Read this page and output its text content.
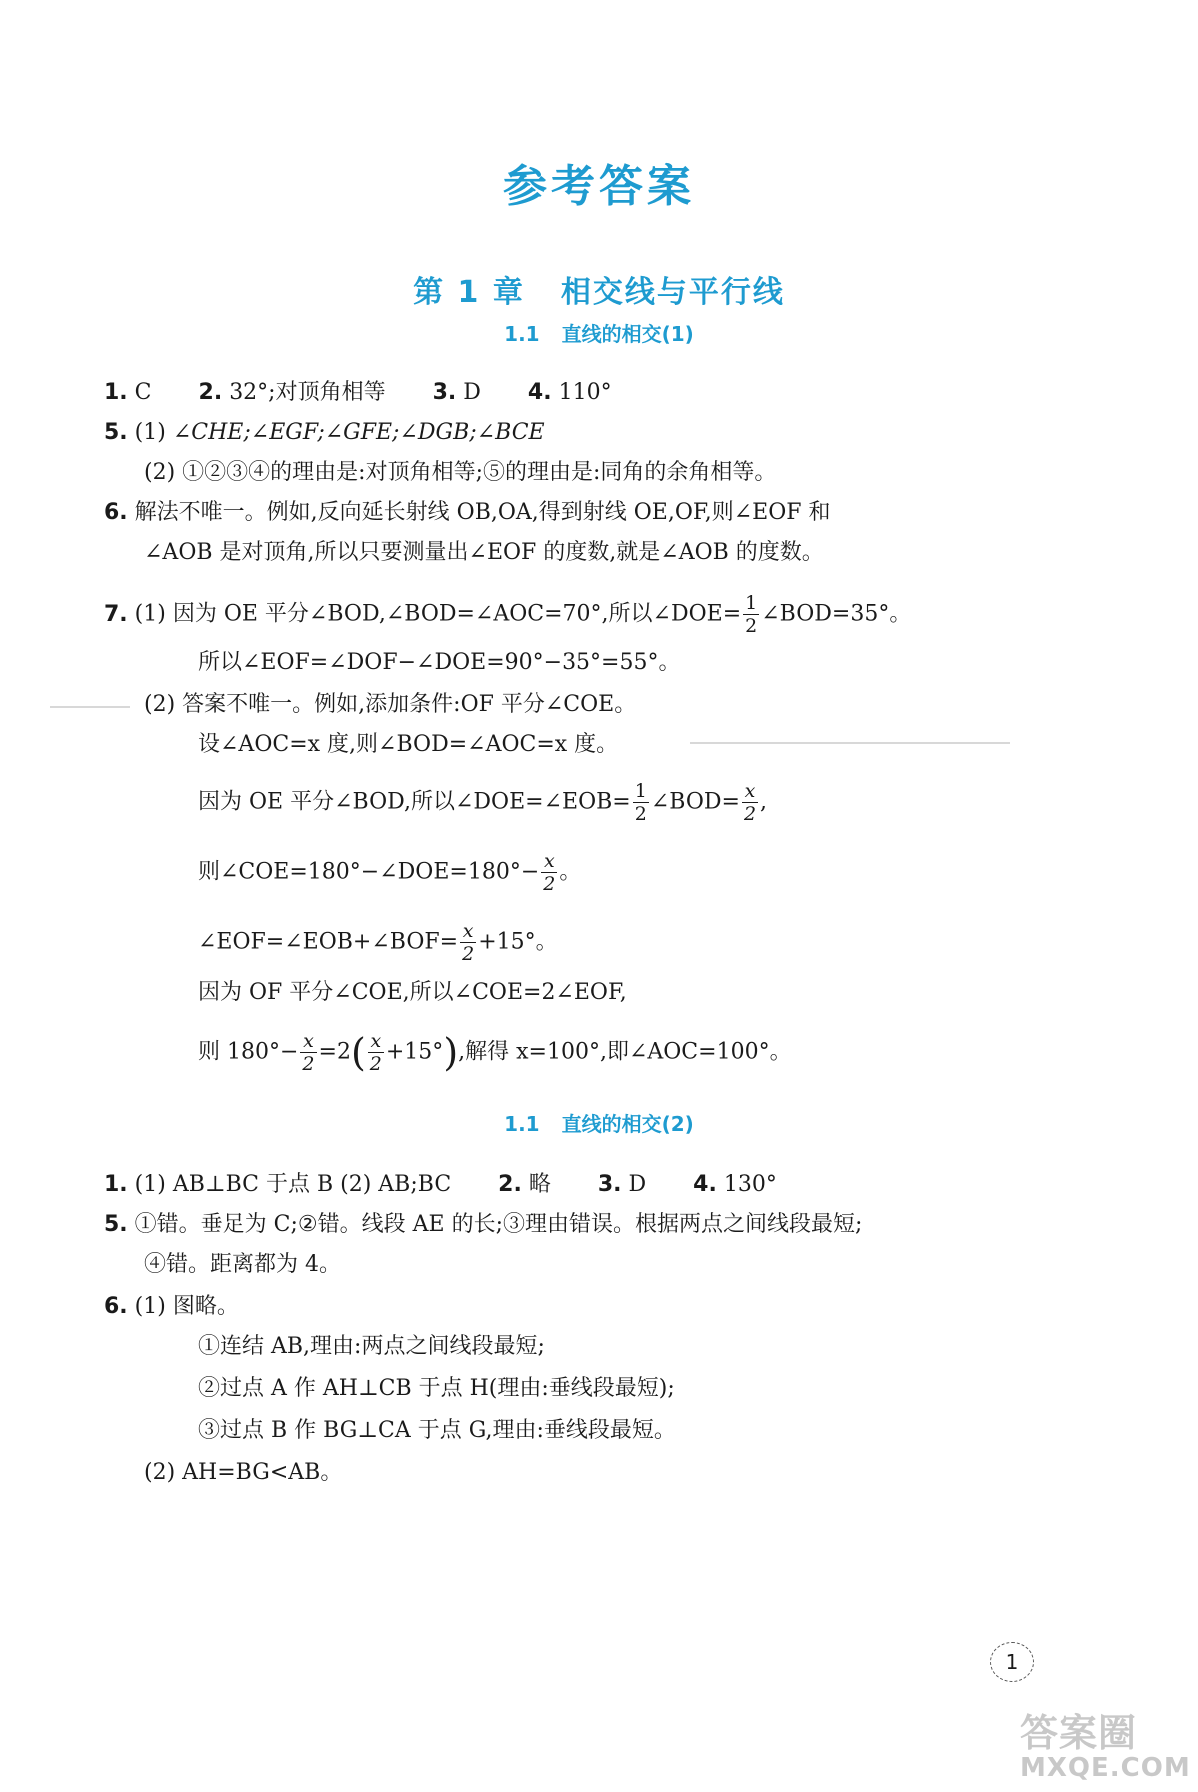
参考答案
第 1 章 相交线与平行线
1.1 直线的相交(1)
1. C 2. 32°;对顶角相等 3. D 4. 110°
5. (1) ∠CHE;∠EGF;∠GFE;∠DGB;∠BCE
(2) ①②③④的理由是:对顶角相等;⑤的理由是:同角的余角相等。
6. 解法不唯一。例如,反向延长射线 OB,OA,得到射线 OE,OF,则∠EOF 和
∠AOB 是对顶角,所以只要测量出∠EOF 的度数,就是∠AOB 的度数。
7. (1) 因为 OE 平分∠BOD,∠BOD=∠AOC=70°,所以∠DOE= $\frac{1}{2}$ ∠BOD=35°。
所以∠EOF=∠DOF−∠DOE=90°−35°=55°。
(2) 答案不唯一。例如,添加条件:OF 平分∠COE。
设∠AOC=x 度,则∠BOD=∠AOC=x 度。
因为 OE 平分∠BOD,所以∠DOE=∠EOB= $\frac{1}{2}$ ∠BOD= $\frac{x}{2}$ ,
则∠COE=180°−∠DOE=180°− $\frac{x}{2}$ 。
∠EOF=∠EOB+∠BOF= $\frac{x}{2} +15^\circ$。
因为 OF 平分∠COE,所以∠COE=2∠EOF,
则 $180^\circ- \frac{x}{2} =2( \frac{x}{2} +15^\circ)$,解得 x=100°,即∠AOC=100°。
1.1 直线的相交(2)
1. (1) AB⊥BC 于点 B (2) AB;BC 2. 略 3. D 4. 130°
5. ①错。垂足为 C;②错。线段 AE 的长;③理由错误。根据两点之间线段最短;
④错。距离都为 4。
6. (1) 图略。
①连结 AB,理由:两点之间线段最短;
②过点 A 作 AH⊥CB 于点 H(理由:垂线段最短);
③过点 B 作 BG⊥CA 于点 G,理由:垂线段最短。
(2) AH=BG<AB。
1
答案圈
MXQE.COM
